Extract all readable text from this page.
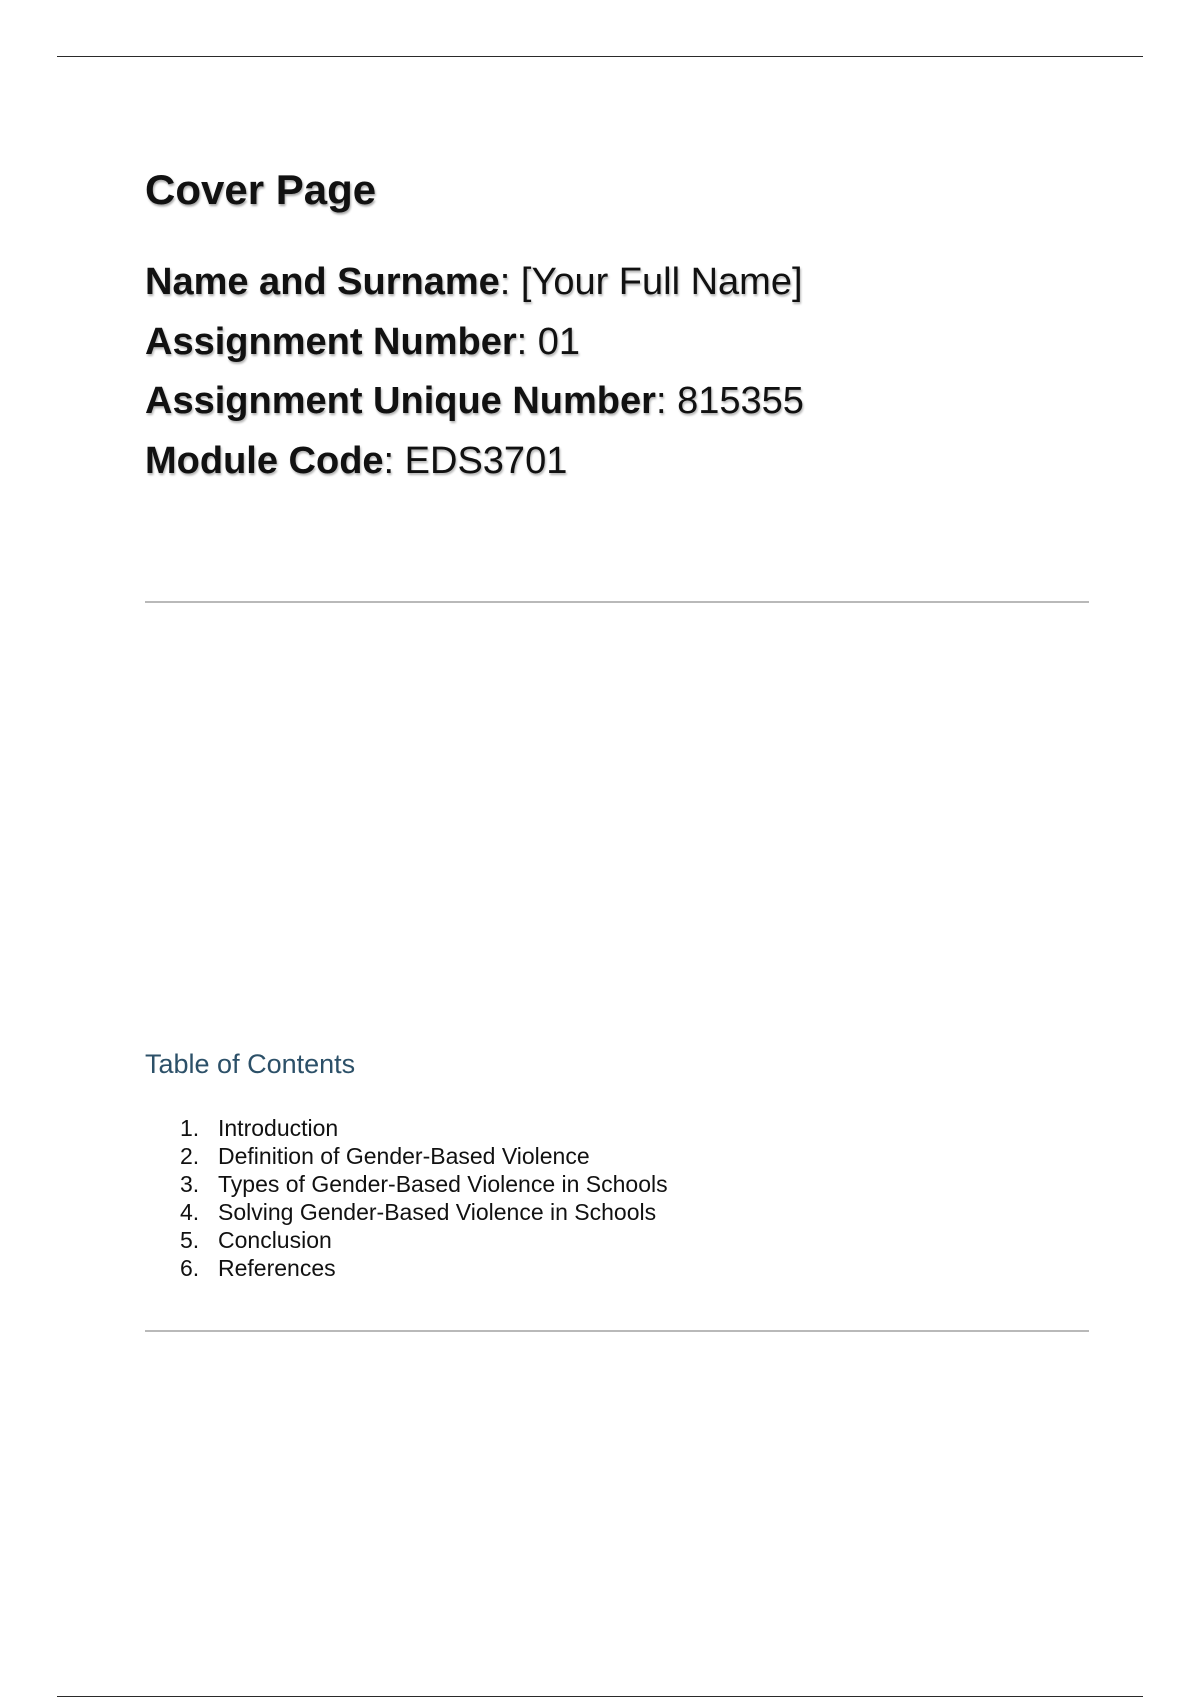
Cover Page
Name and Surname: [Your Full Name]
Assignment Number: 01
Assignment Unique Number: 815355
Module Code: EDS3701
Table of Contents
1. Introduction
2. Definition of Gender-Based Violence
3. Types of Gender-Based Violence in Schools
4. Solving Gender-Based Violence in Schools
5. Conclusion
6. References
